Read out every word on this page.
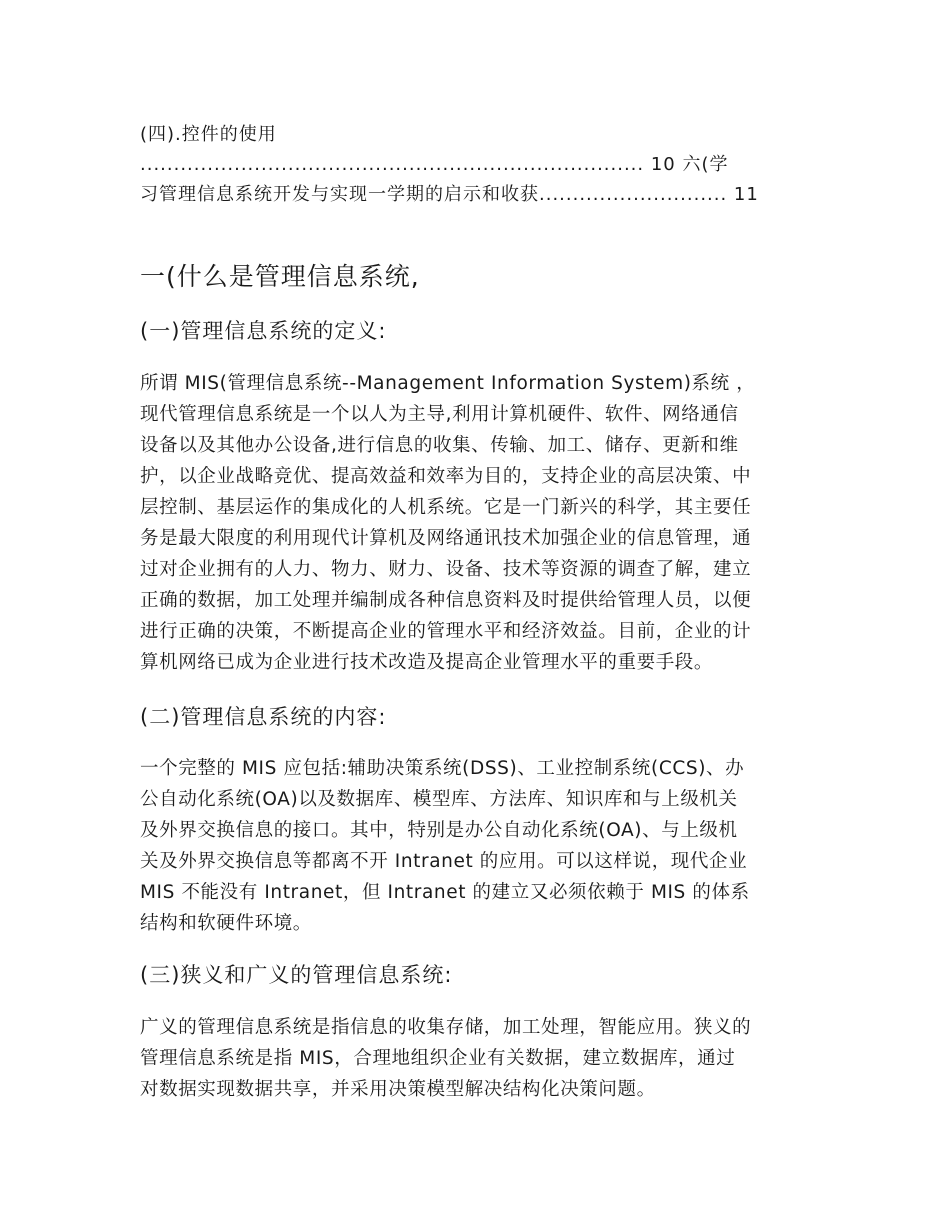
(四).控件的使用

........................................................................... 10 六(学

习管理信息系统开发与实现一学期的启示和收获............................ 11

一(什么是管理信息系统,
(一)管理信息系统的定义:

所谓 MIS(管理信息系统--Management Information System)系统 ，
现代管理信息系统是一个以人为主导,利用计算机硬件、软件、网络通信
设备以及其他办公设备,进行信息的收集、传输、加工、储存、更新和维
护，以企业战略竞优、提高效益和效率为目的，支持企业的高层决策、中
层控制、基层运作的集成化的人机系统。它是一门新兴的科学，其主要任
务是最大限度的利用现代计算机及网络通讯技术加强企业的信息管理，通
过对企业拥有的人力、物力、财力、设备、技术等资源的调查了解，建立
正确的数据，加工处理并编制成各种信息资料及时提供给管理人员，以便
进行正确的决策，不断提高企业的管理水平和经济效益。目前，企业的计
算机网络已成为企业进行技术改造及提高企业管理水平的重要手段。

(二)管理信息系统的内容:

一个完整的 MIS 应包括:辅助决策系统(DSS)、工业控制系统(CCS)、办
公自动化系统(OA)以及数据库、模型库、方法库、知识库和与上级机关
及外界交换信息的接口。其中，特别是办公自动化系统(OA)、与上级机
关及外界交换信息等都离不开 Intranet 的应用。可以这样说，现代企业
MIS 不能没有 Intranet，但 Intranet 的建立又必须依赖于 MIS 的体系
结构和软硬件环境。

(三)狭义和广义的管理信息系统:

广义的管理信息系统是指信息的收集存储，加工处理，智能应用。狭义的
管理信息系统是指 MIS，合理地组织企业有关数据，建立数据库，通过
对数据实现数据共享，并采用决策模型解决结构化决策问题。
